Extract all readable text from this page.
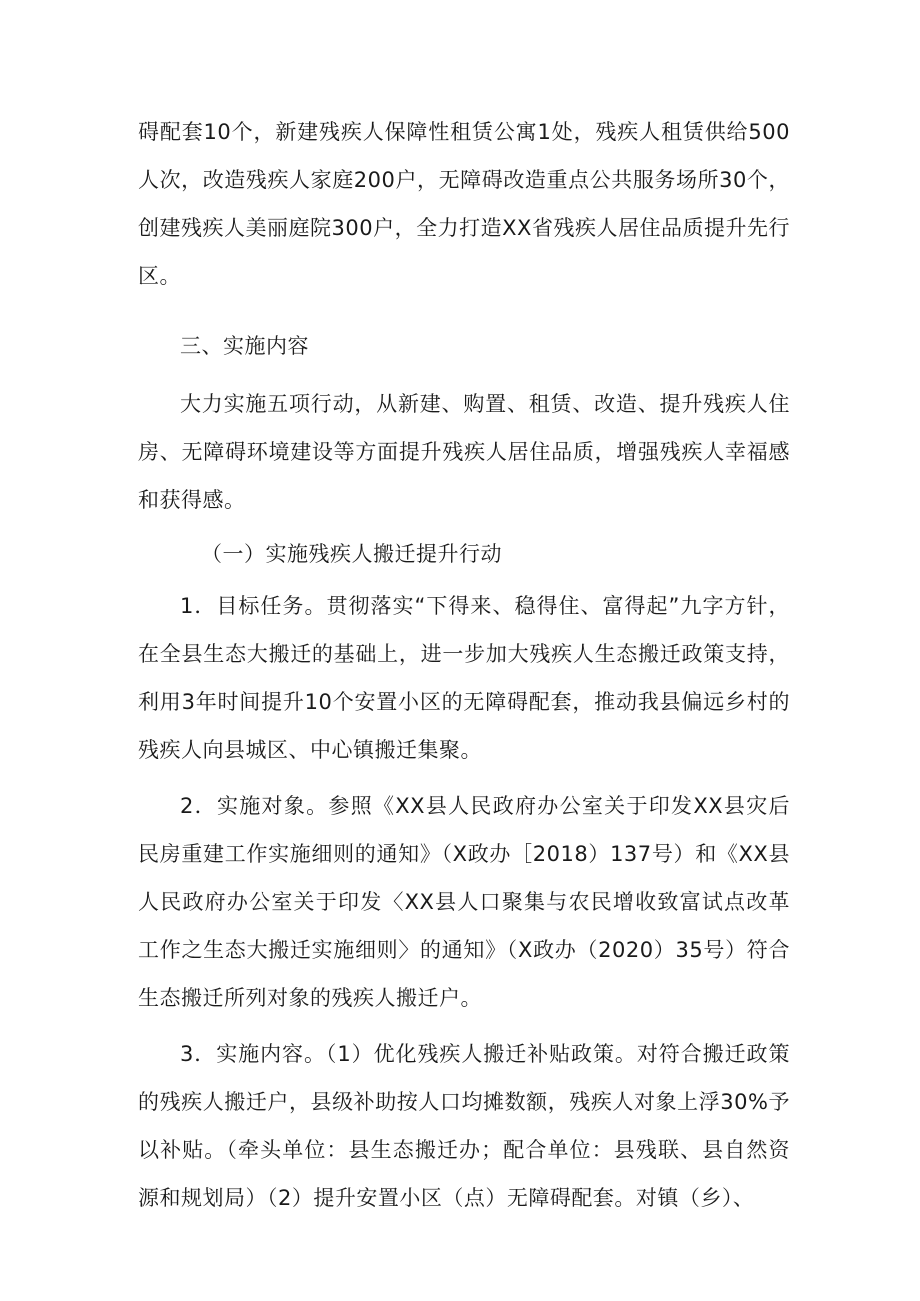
碍配套10个，新建残疾人保障性租赁公寓1处，残疾人租赁供给500人次，改造残疾人家庭200户，无障碍改造重点公共服务场所30个，创建残疾人美丽庭院300户，全力打造XX省残疾人居住品质提升先行区。

三、实施内容

大力实施五项行动，从新建、购置、租赁、改造、提升残疾人住房、无障碍环境建设等方面提升残疾人居住品质，增强残疾人幸福感和获得感。

（一）实施残疾人搬迁提升行动

1．目标任务。贯彻落实“下得来、稳得住、富得起”九字方针，在全县生态大搬迁的基础上，进一步加大残疾人生态搬迁政策支持，利用3年时间提升10个安置小区的无障碍配套，推动我县偏远乡村的残疾人向县城区、中心镇搬迁集聚。

2．实施对象。参照《XX县人民政府办公室关于印发XX县灾后民房重建工作实施细则的通知》（X政办［2018）137号）和《XX县人民政府办公室关于印发〈XX县人口聚集与农民增收致富试点改革工作之生态大搬迁实施细则〉的通知》（X政办（2020）35号）符合生态搬迁所列对象的残疾人搬迁户。

3．实施内容。（1）优化残疾人搬迁补贴政策。对符合搬迁政策的残疾人搬迁户，县级补助按人口均摊数额，残疾人对象上浮30%予以补贴。（牵头单位：县生态搬迁办；配合单位：县残联、县自然资源和规划局）（2）提升安置小区（点）无障碍配套。对镇（乡）、
